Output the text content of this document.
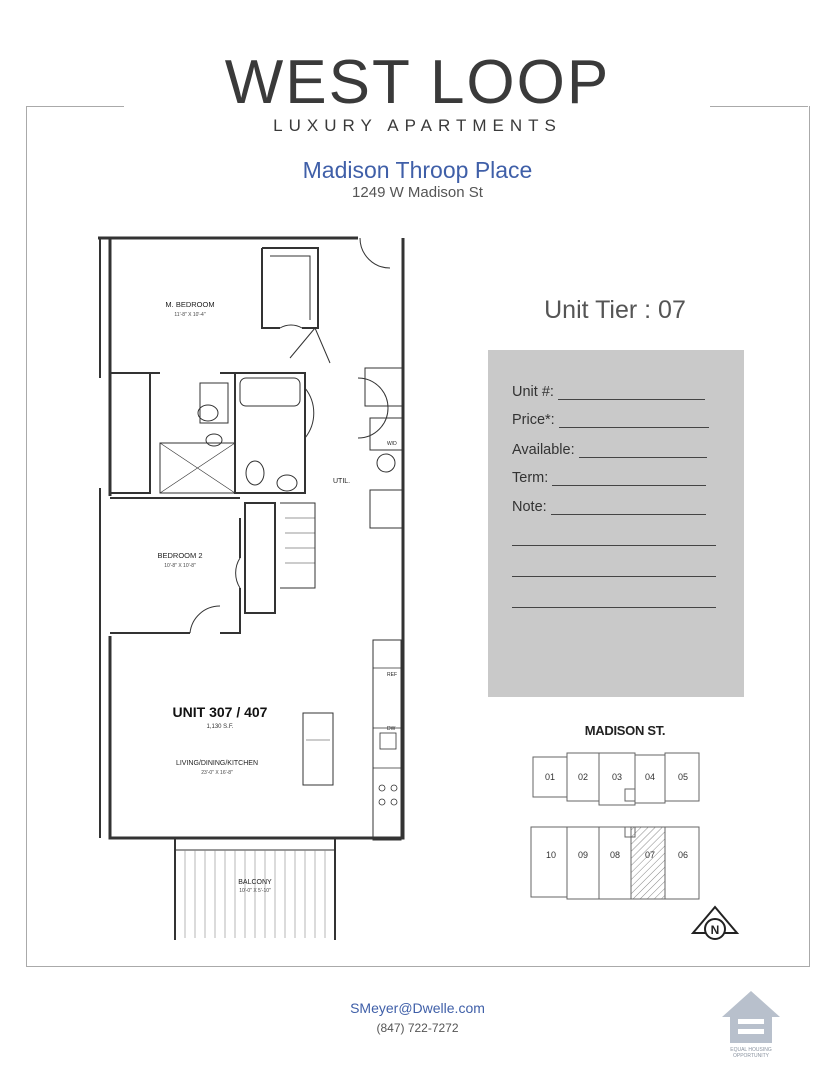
WEST LOOP
LUXURY APARTMENTS
Madison Throop Place
1249 W Madison St
M. BEDROOM
11'-8" X 10'-4"
BEDROOM 2
10'-8" X 10'-8"
UNIT 307 / 407
1,130 S.F.
LIVING/DINING/KITCHEN
23'-0" X 16'-8"
BALCONY
10'-0" X 5'-10"
UTIL.
W/D
REF
DW
Unit Tier : 07
Unit #:
Price*:
Available:
Term:
Note:
MADISON ST.
01	02	03	04	05
10 09 08	07	06
N
SMeyer@Dwelle.com
(847) 722-7272
EQUAL HOUSING
OPPORTUNITY
